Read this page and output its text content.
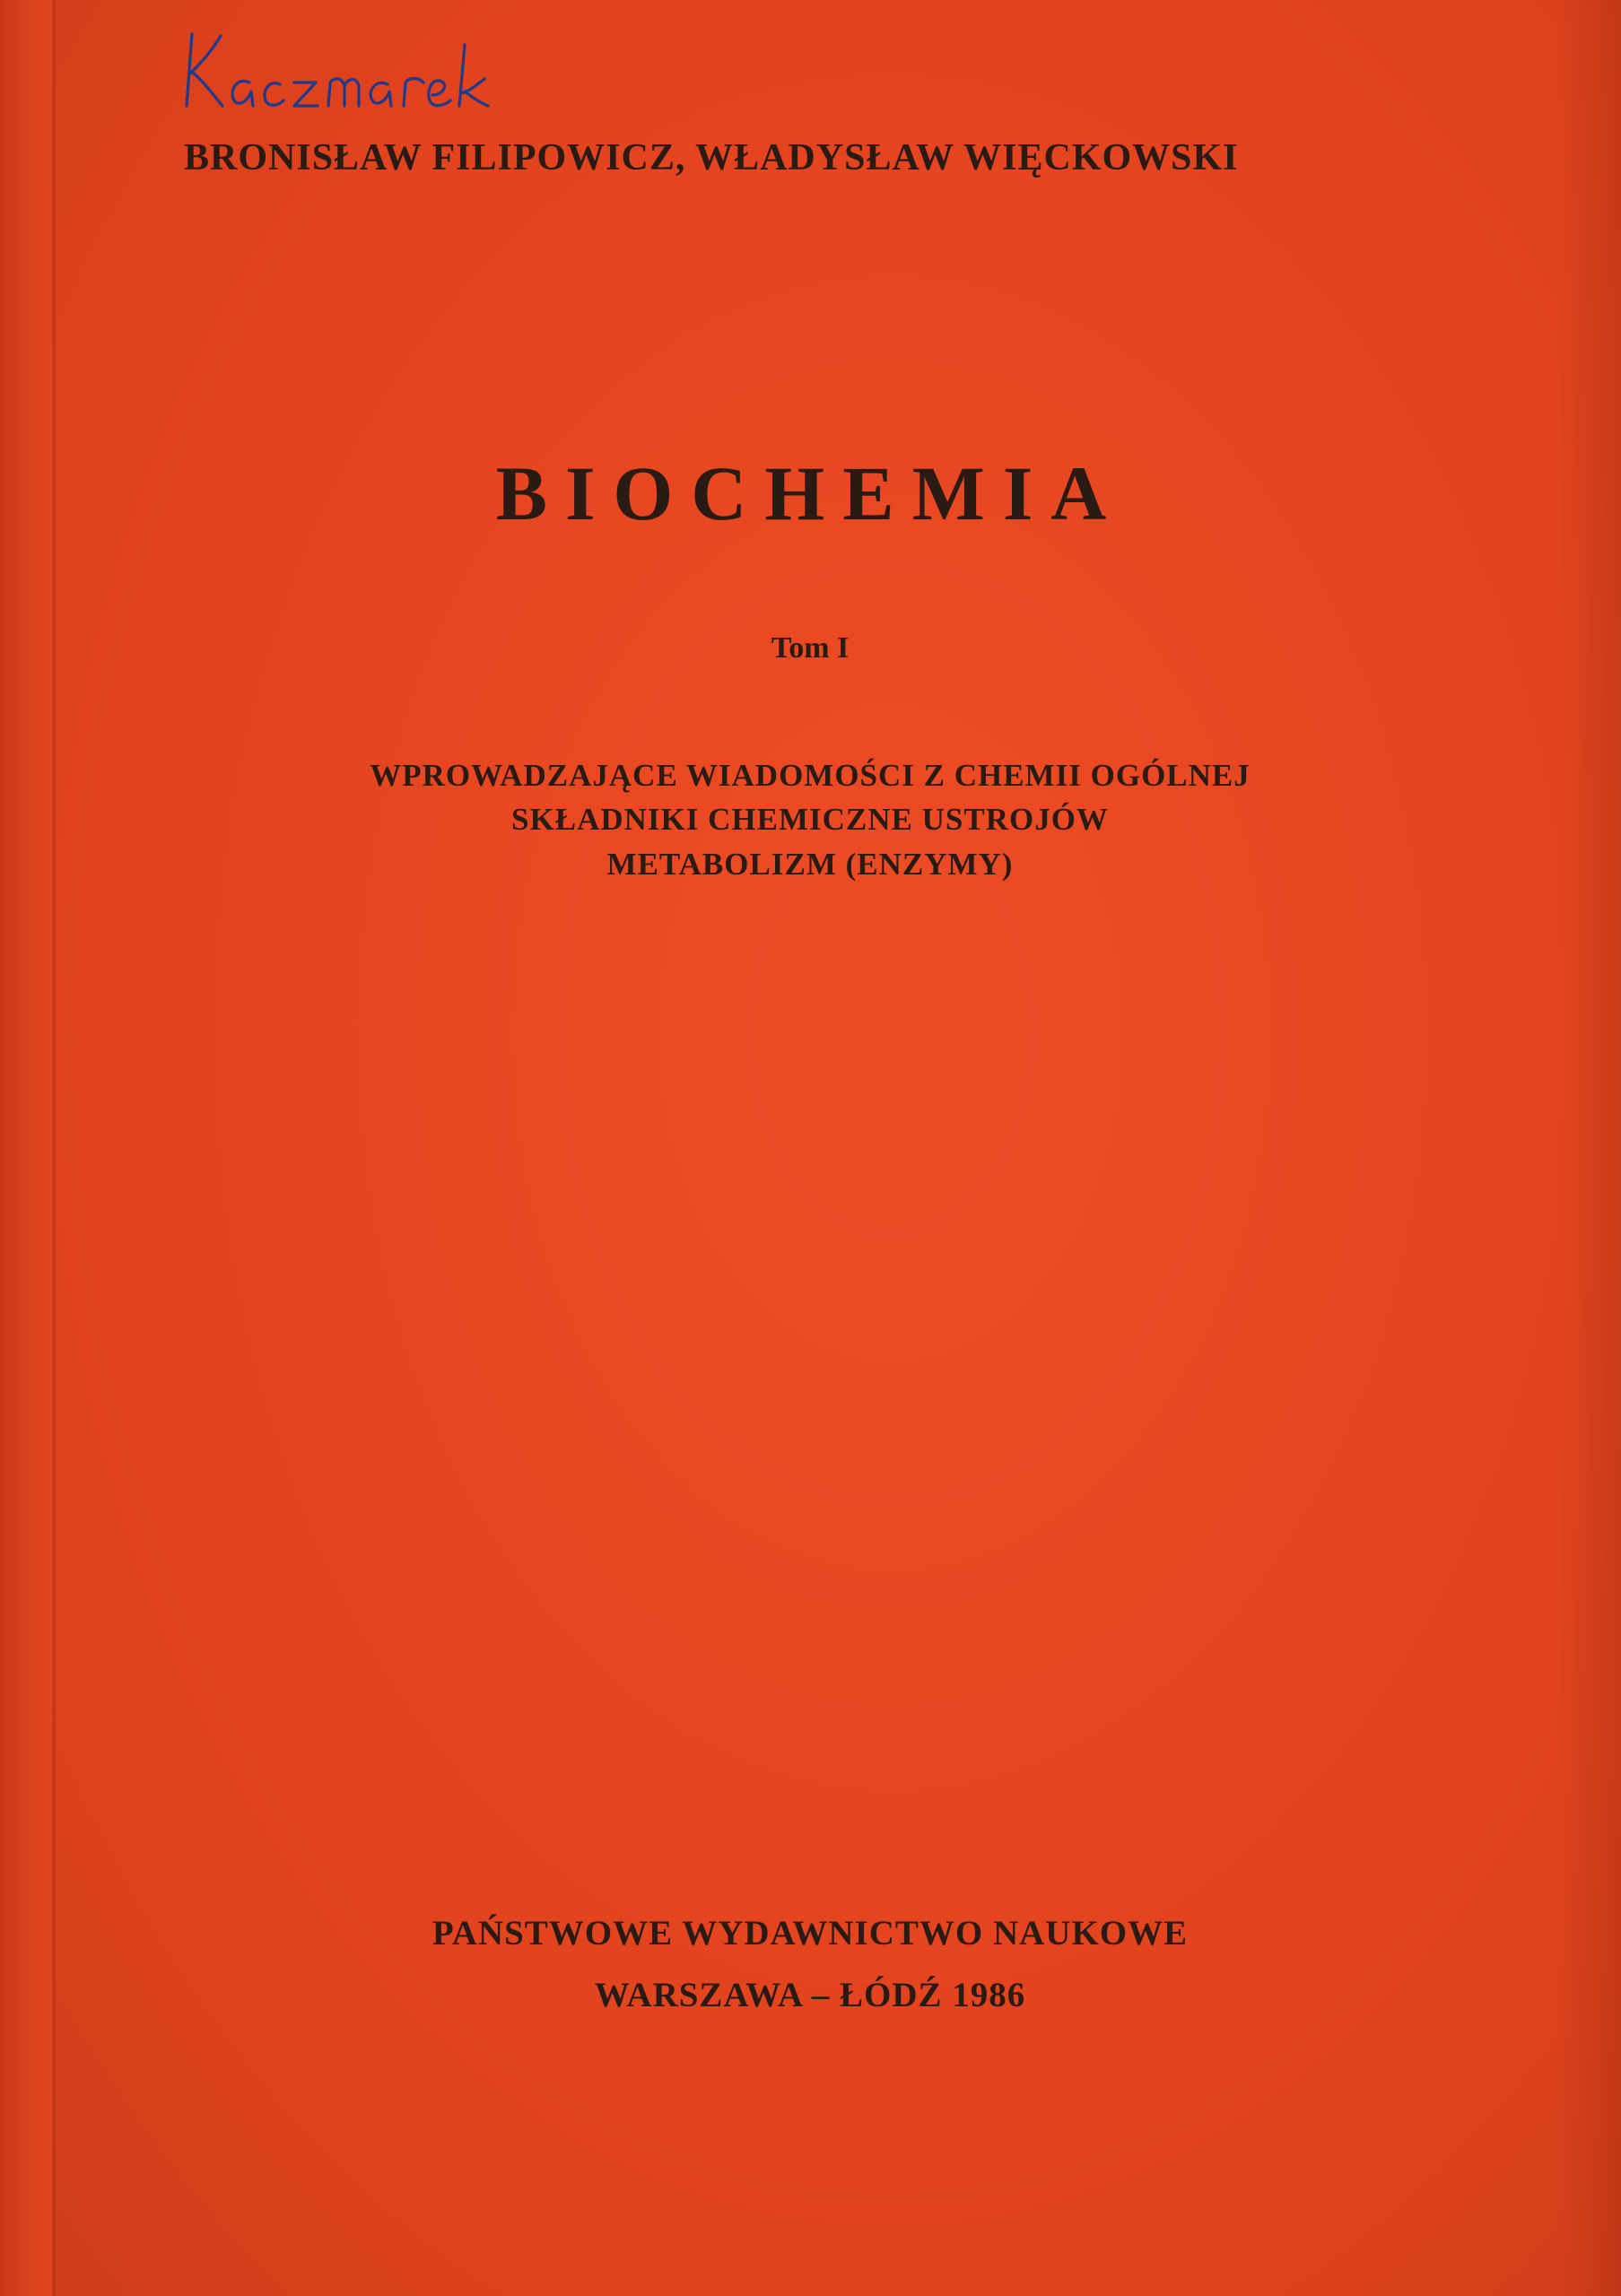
BRONISŁAW FILIPOWICZ, WŁADYSŁAW WIĘCKOWSKI
BIOCHEMIA
Tom I
WPROWADZAJĄCE WIADOMOŚCI Z CHEMII OGÓLNEJ
SKŁADNIKI CHEMICZNE USTROJÓW
METABOLIZM (ENZYMY)
PAŃSTWOWE WYDAWNICTWO NAUKOWE
WARSZAWA – ŁÓDŹ 1986
